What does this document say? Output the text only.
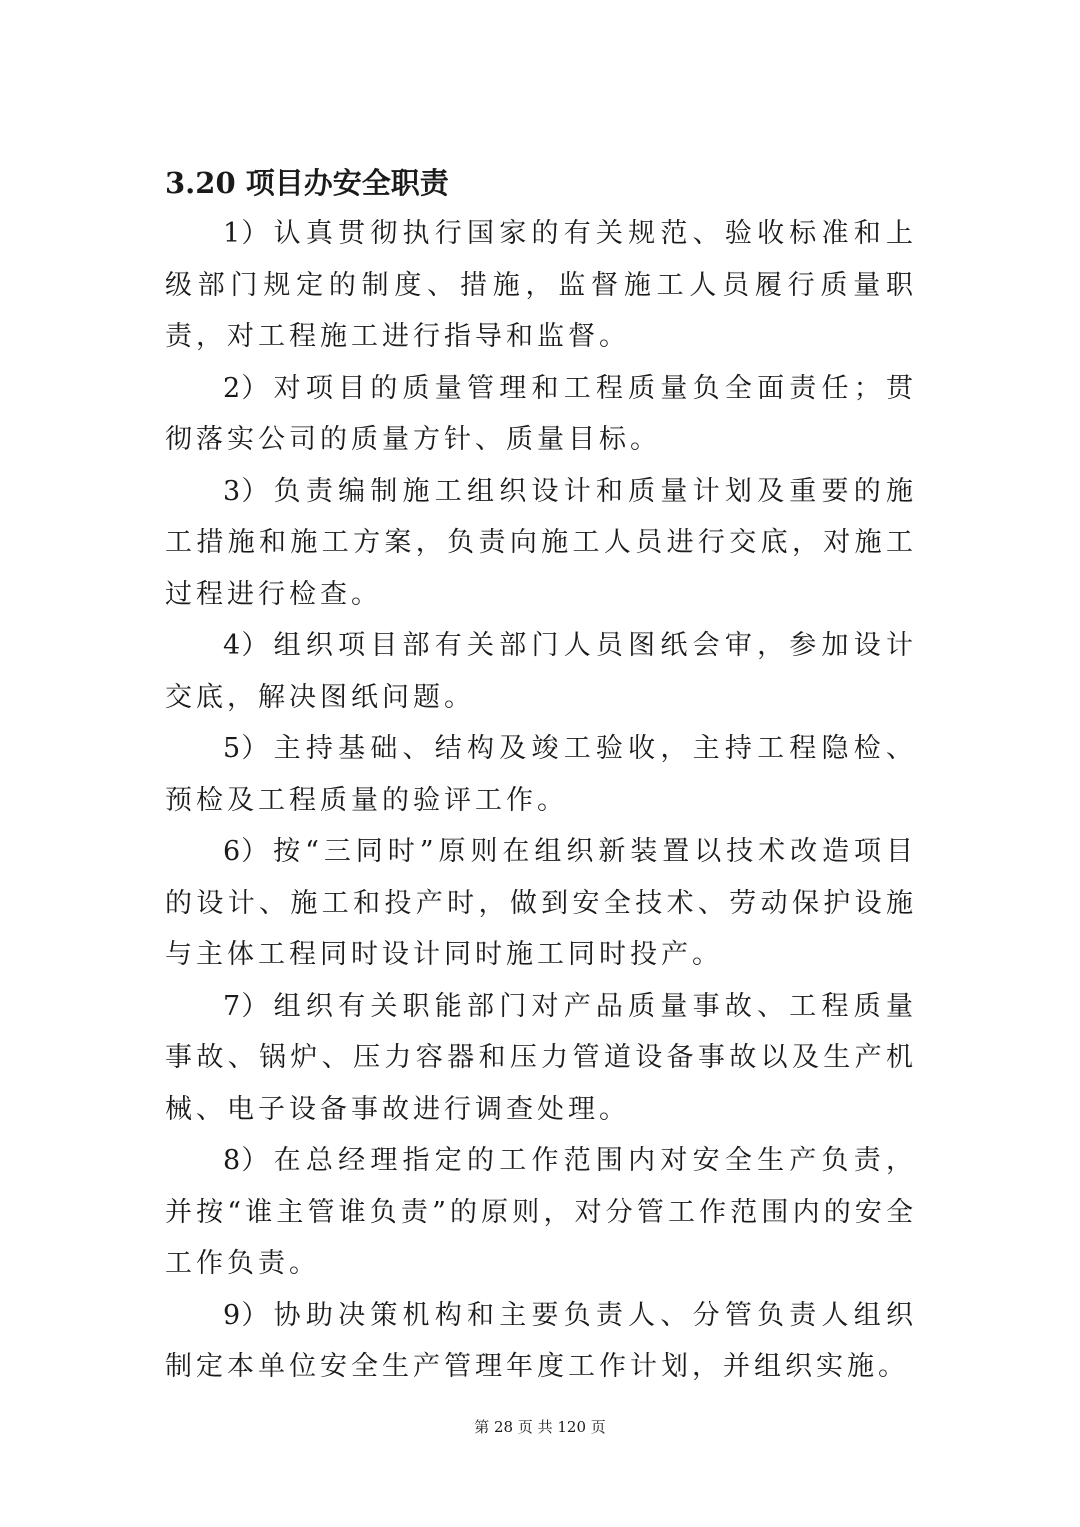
3.20 项目办安全职责

1）认真贯彻执行国家的有关规范、验收标准和上级部门规定的制度、措施，监督施工人员履行质量职责，对工程施工进行指导和监督。

2）对项目的质量管理和工程质量负全面责任；贯彻落实公司的质量方针、质量目标。

3）负责编制施工组织设计和质量计划及重要的施工措施和施工方案，负责向施工人员进行交底，对施工过程进行检查。

4）组织项目部有关部门人员图纸会审，参加设计交底，解决图纸问题。

5）主持基础、结构及竣工验收，主持工程隐检、预检及工程质量的验评工作。

6）按“三同时”原则在组织新装置以技术改造项目的设计、施工和投产时，做到安全技术、劳动保护设施与主体工程同时设计同时施工同时投产。

7）组织有关职能部门对产品质量事故、工程质量事故、锅炉、压力容器和压力管道设备事故以及生产机械、电子设备事故进行调查处理。

8）在总经理指定的工作范围内对安全生产负责，并按“谁主管谁负责”的原则，对分管工作范围内的安全工作负责。

9）协助决策机构和主要负责人、分管负责人组织制定本单位安全生产管理年度工作计划，并组织实施。

第 28 页 共 120 页
